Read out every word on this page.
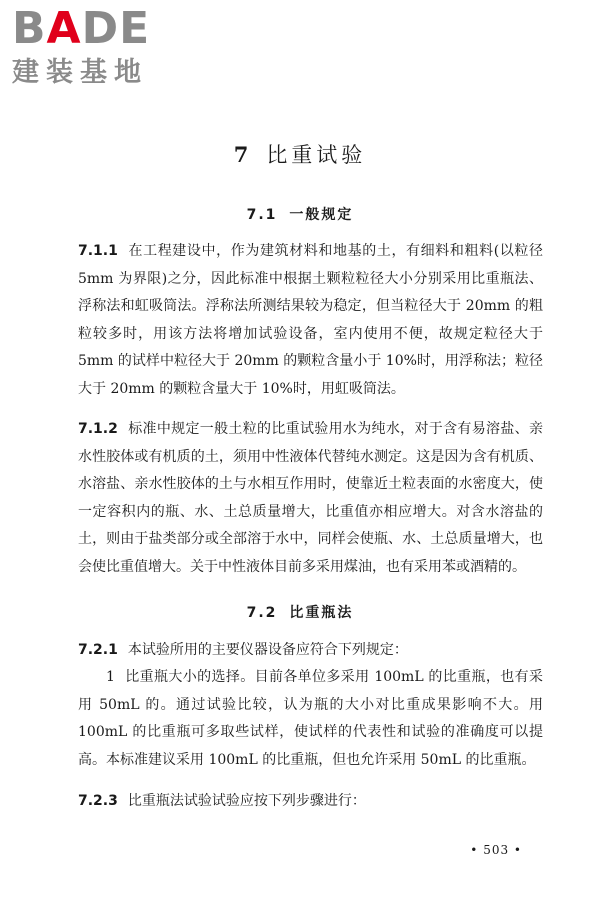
BADE
建装基地
7 比重试验
7.1 一般规定

7.1.1 在工程建设中，作为建筑材料和地基的土，有细料和粗料(以粒径 5mm 为界限)之分，因此标准中根据土颗粒粒径大小分别采用比重瓶法、浮称法和虹吸筒法。浮称法所测结果较为稳定，但当粒径大于 20mm 的粗粒较多时，用该方法将增加试验设备，室内使用不便，故规定粒径大于 5mm 的试样中粒径大于 20mm 的颗粒含量小于 10%时，用浮称法；粒径大于 20mm 的颗粒含量大于 10%时，用虹吸筒法。

7.1.2 标准中规定一般土粒的比重试验用水为纯水，对于含有易溶盐、亲水性胶体或有机质的土，须用中性液体代替纯水测定。这是因为含有机质、水溶盐、亲水性胶体的土与水相互作用时，使靠近土粒表面的水密度大，使一定容积内的瓶、水、土总质量增大，比重值亦相应增大。对含水溶盐的土，则由于盐类部分或全部溶于水中，同样会使瓶、水、土总质量增大，也会使比重值增大。关于中性液体目前多采用煤油，也有采用苯或酒精的。

7.2 比重瓶法

7.2.1 本试验所用的主要仪器设备应符合下列规定：

1 比重瓶大小的选择。目前各单位多采用 100mL 的比重瓶，也有采用 50mL 的。通过试验比较，认为瓶的大小对比重成果影响不大。用 100mL 的比重瓶可多取些试样，使试样的代表性和试验的准确度可以提高。本标准建议采用 100mL 的比重瓶，但也允许采用 50mL 的比重瓶。

7.2.3 比重瓶法试验试验应按下列步骤进行：

• 503 •
